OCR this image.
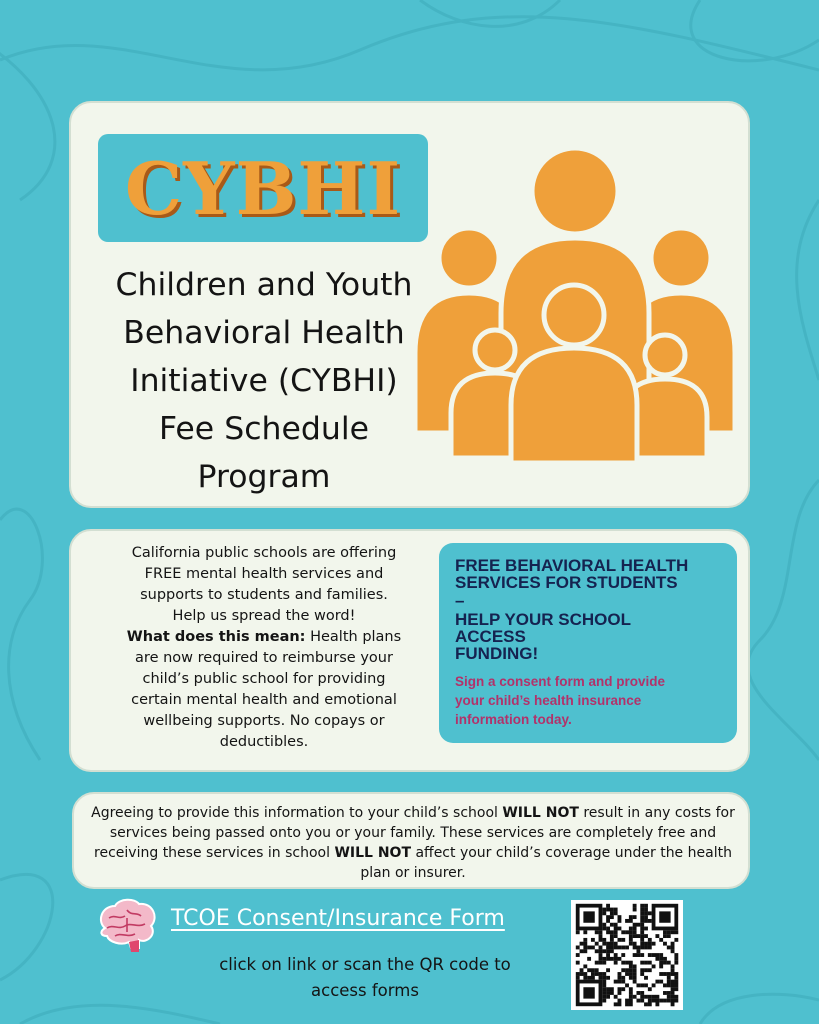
CYBHI
Children and Youth
Behavioral Health
Initiative (CYBHI)
Fee Schedule
Program
California public schools are offering
FREE mental health services and
supports to students and families.
Help us spread the word!
What does this mean: Health plans
are now required to reimburse your
child’s public school for providing
certain mental health and emotional
wellbeing supports. No copays or
deductibles.
FREE BEHAVIORAL HEALTH
SERVICES FOR STUDENTS
–
HELP YOUR SCHOOL
ACCESS
FUNDING!
Sign a consent form and provide
your child’s health insurance
information today.
Agreeing to provide this information to your child’s school WILL NOT result in any costs for services being passed onto you or your family. These services are completely free and receiving these services in school WILL NOT affect your child’s coverage under the health plan or insurer.
TCOE Consent/Insurance Form
click on link or scan the QR code to
access forms
